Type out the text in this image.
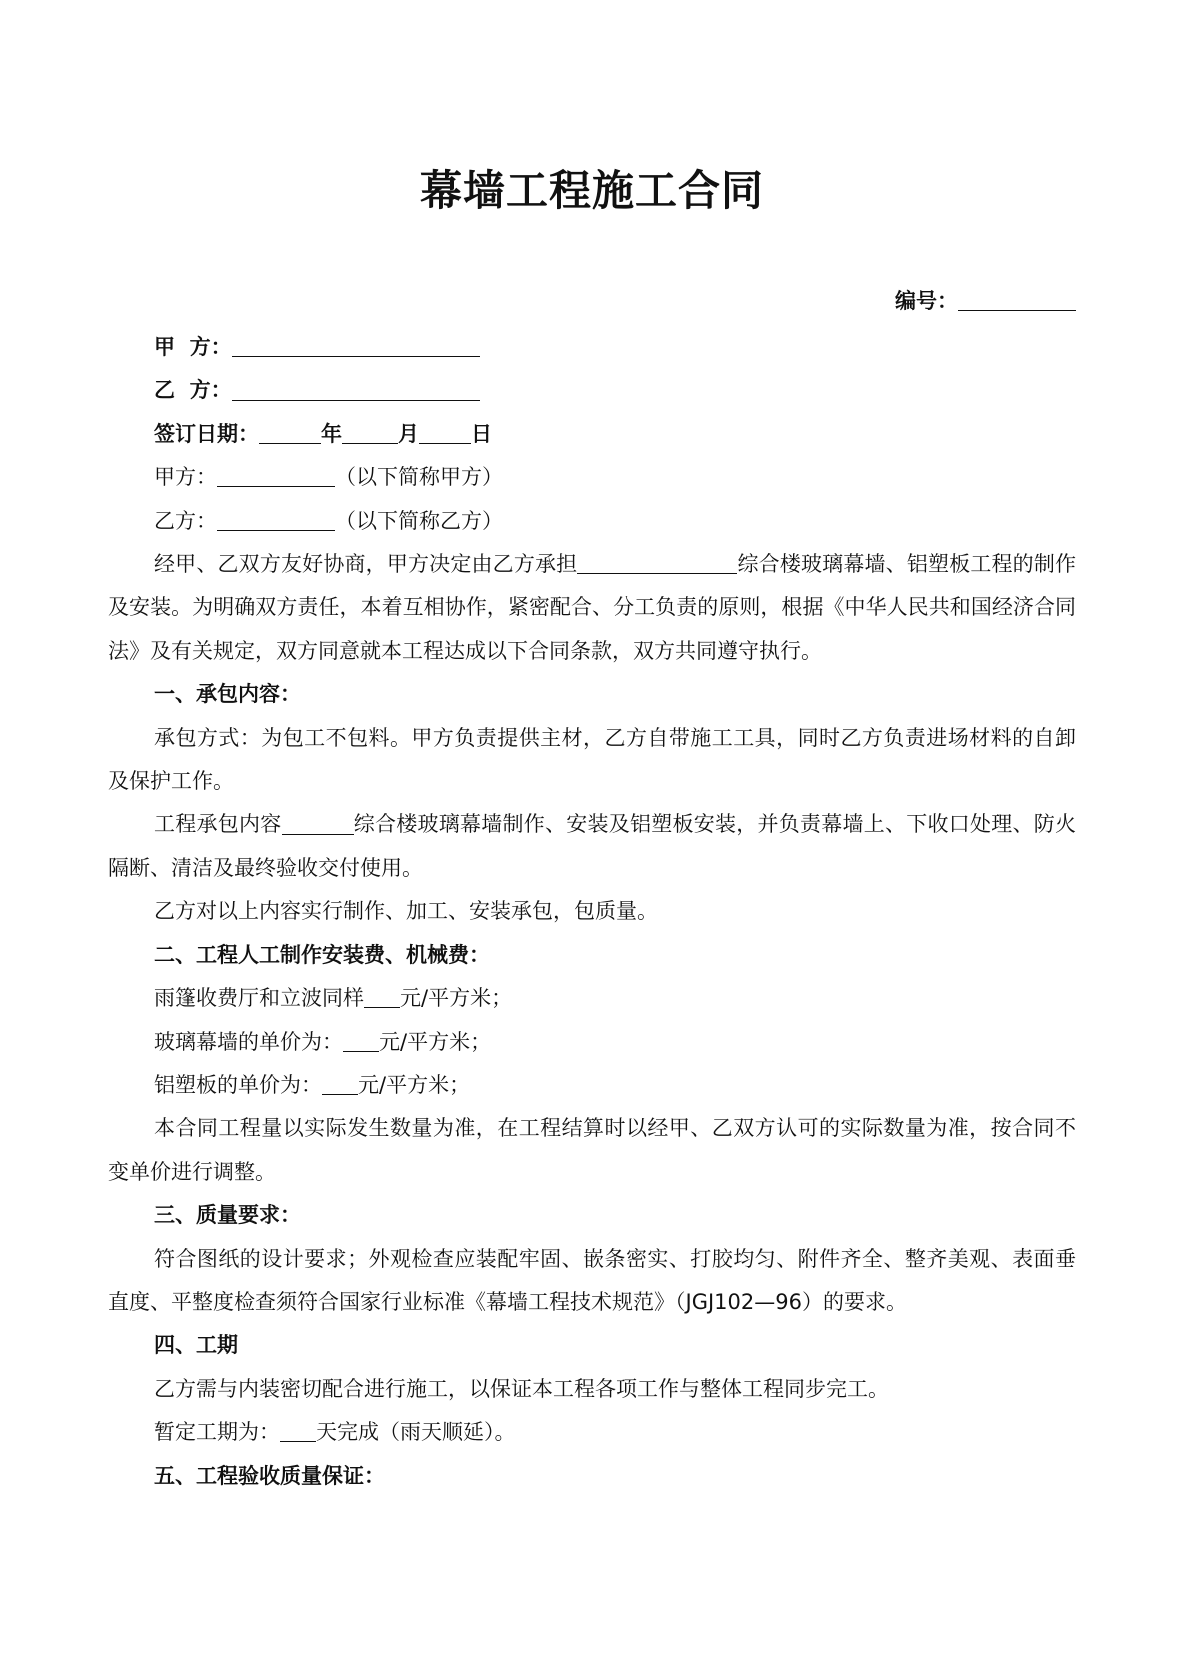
幕墙工程施工合同
编号：
甲  方：
乙  方：
签订日期：	年	月 日
甲方：	（以下简称甲方）
乙方：	（以下简称乙方）
经甲、乙双方友好协商，甲方决定由乙方承担	综合楼玻璃幕墙、铝塑板工程的制作及安装。为明确双方责任，本着互相协作，紧密配合、分工负责的原则，根据《中华人民共和国经济合同法》及有关规定，双方同意就本工程达成以下合同条款，双方共同遵守执行。
一、承包内容：
承包方式：为包工不包料。甲方负责提供主材，乙方自带施工工具，同时乙方负责进场材料的自卸及保护工作。
工程承包内容	综合楼玻璃幕墙制作、安装及铝塑板安装，并负责幕墙上、下收口处理、防火隔断、清洁及最终验收交付使用。
乙方对以上内容实行制作、加工、安装承包，包质量。
二、工程人工制作安装费、机械费：
雨篷收费厅和立波同样 元/平方米；
玻璃幕墙的单价为： 元/平方米；
铝塑板的单价为： 元/平方米；
本合同工程量以实际发生数量为准，在工程结算时以经甲、乙双方认可的实际数量为准，按合同不变单价进行调整。
三、质量要求：
符合图纸的设计要求；外观检查应装配牢固、嵌条密实、打胶均匀、附件齐全、整齐美观、表面垂直度、平整度检查须符合国家行业标准《幕墙工程技术规范》（JGJ102—96）的要求。
四、工期
乙方需与内装密切配合进行施工，以保证本工程各项工作与整体工程同步完工。
暂定工期为： 天完成（雨天顺延）。
五、工程验收质量保证：
